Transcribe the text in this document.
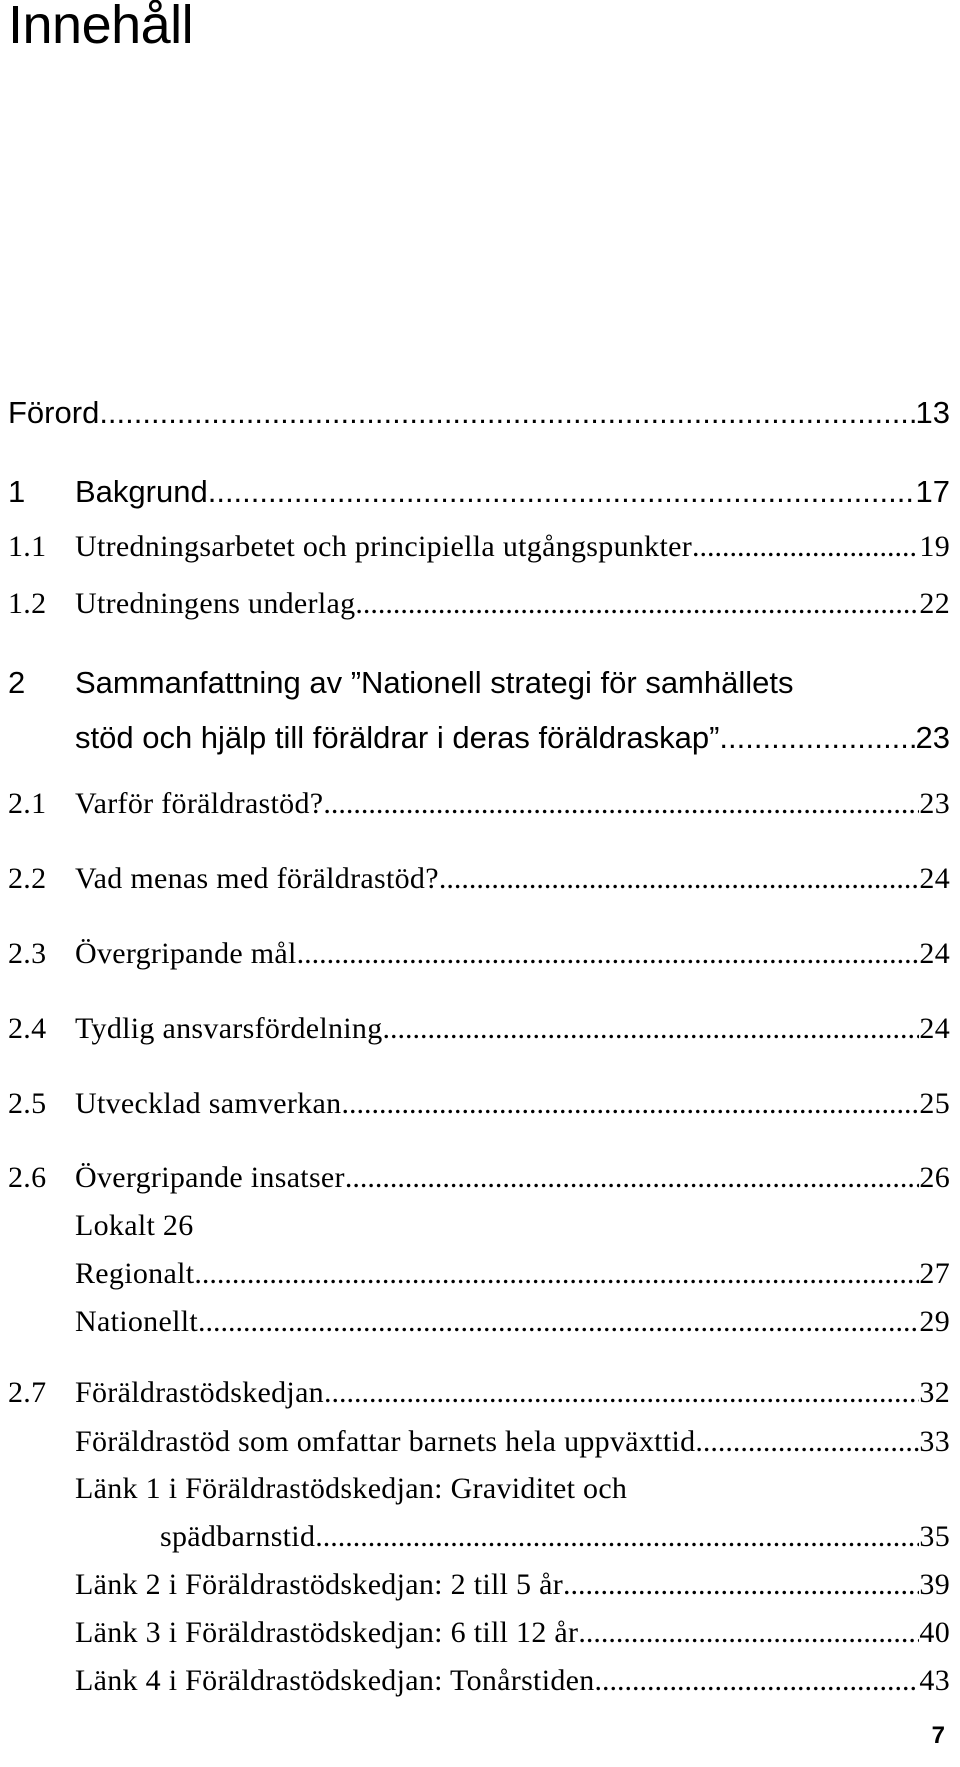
Innehåll
Förord .....	13
1	Bakgrund .....	17
1.1 Utredningsarbetet och principiella utgångspunkter .....	19
1.2 Utredningens underlag .....	22
2	Sammanfattning av ”Nationell strategi för samhällets
stöd och hjälp till föräldrar i deras föräldraskap” .....	23
2.1 Varför föräldrastöd? .....	23
2.2 Vad menas med föräldrastöd? .....	24
2.3 Övergripande mål .....	24
2.4 Tydlig ansvarsfördelning .....	24
2.5 Utvecklad samverkan .....	25
2.6 Övergripande insatser .....	26
Lokalt 26
Regionalt .....	27
Nationellt .....	29
2.7 Föräldrastödskedjan .....	32
Föräldrastöd som omfattar barnets hela uppväxttid .....	33
Länk 1 i Föräldrastödskedjan: Graviditet och
spädbarnstid .....	35
Länk 2 i Föräldrastödskedjan: 2 till 5 år .....	39
Länk 3 i Föräldrastödskedjan: 6 till 12 år .....	40
Länk 4 i Föräldrastödskedjan: Tonårstiden .....	43
7
